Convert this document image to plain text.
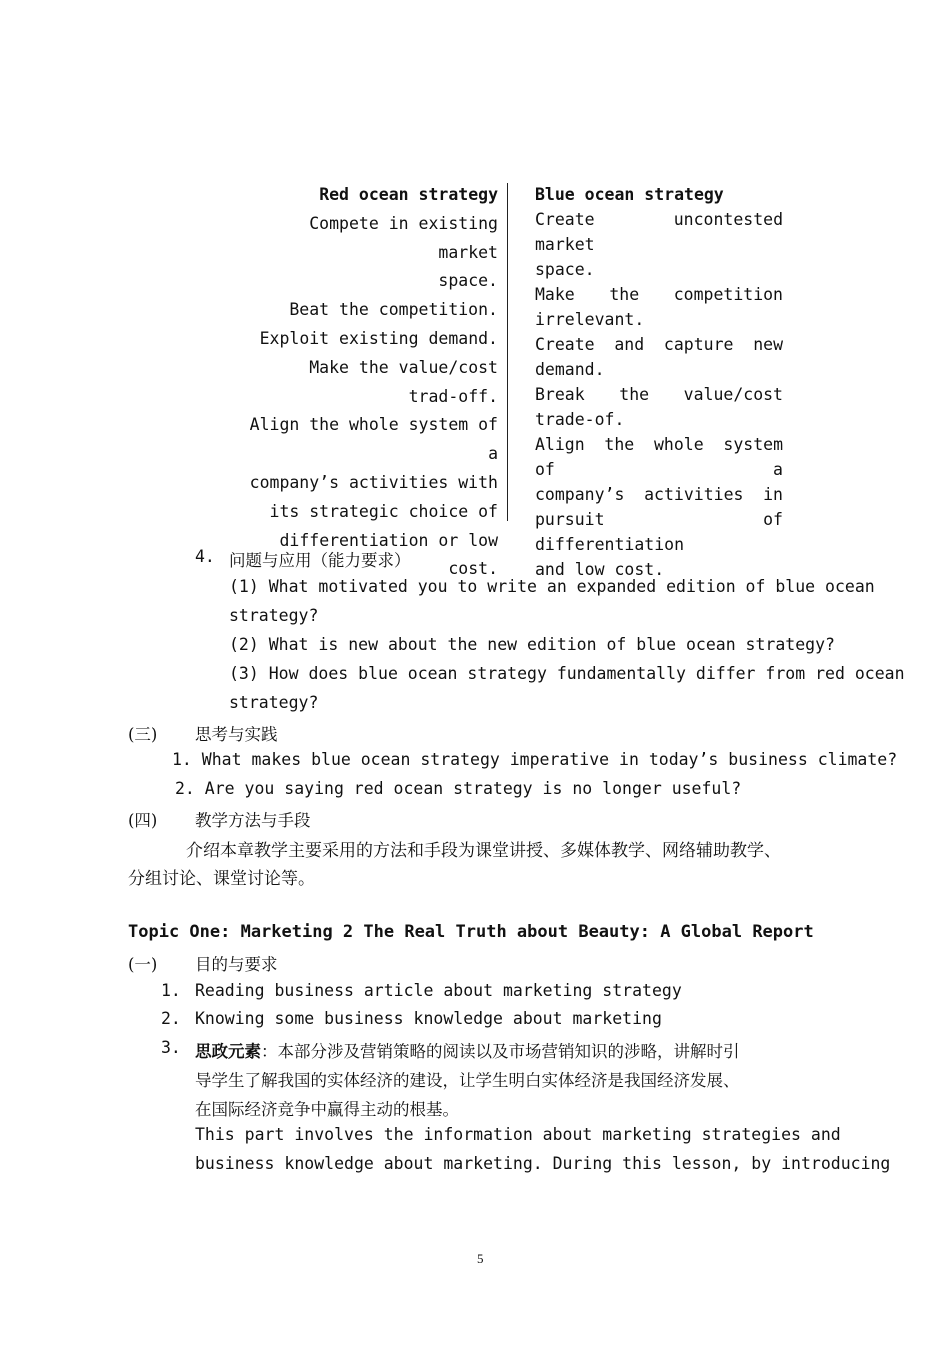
Red ocean strategy
Compete in existing market
space.
Beat the competition.
Exploit existing demand.
Make the value/cost
trad-off.
Align the whole system of a
company’s activities with
its strategic choice of
differentiation or low
cost.
Blue ocean strategy
Create uncontested market
space.
Make the competition
irrelevant.
Create and capture new
demand.
Break the value/cost
trade-of.
Align the whole system of a
company’s activities in
pursuit of differentiation
and low cost.
4. 问题与应用（能力要求）
(1) What motivated you to write an expanded edition of blue ocean
strategy?
(2) What is new about the new edition of blue ocean strategy?
(3) How does blue ocean strategy fundamentally differ from red ocean
strategy?
(三) 思考与实践
1. What makes blue ocean strategy imperative in today’s business climate?
2. Are you saying red ocean strategy is no longer useful?
(四) 教学方法与手段
介绍本章教学主要采用的方法和手段为课堂讲授、多媒体教学、网络辅助教学、
分组讨论、课堂讨论等。
Topic One: Marketing 2 The Real Truth about Beauty: A Global Report
(一) 目的与要求
1. Reading business article about marketing strategy
2. Knowing some business knowledge about marketing
3. 思政元素：本部分涉及营销策略的阅读以及市场营销知识的涉略，讲解时引
导学生了解我国的实体经济的建设，让学生明白实体经济是我国经济发展、
在国际经济竞争中赢得主动的根基。
This part involves the information about marketing strategies and
business knowledge about marketing. During this lesson, by introducing
5
